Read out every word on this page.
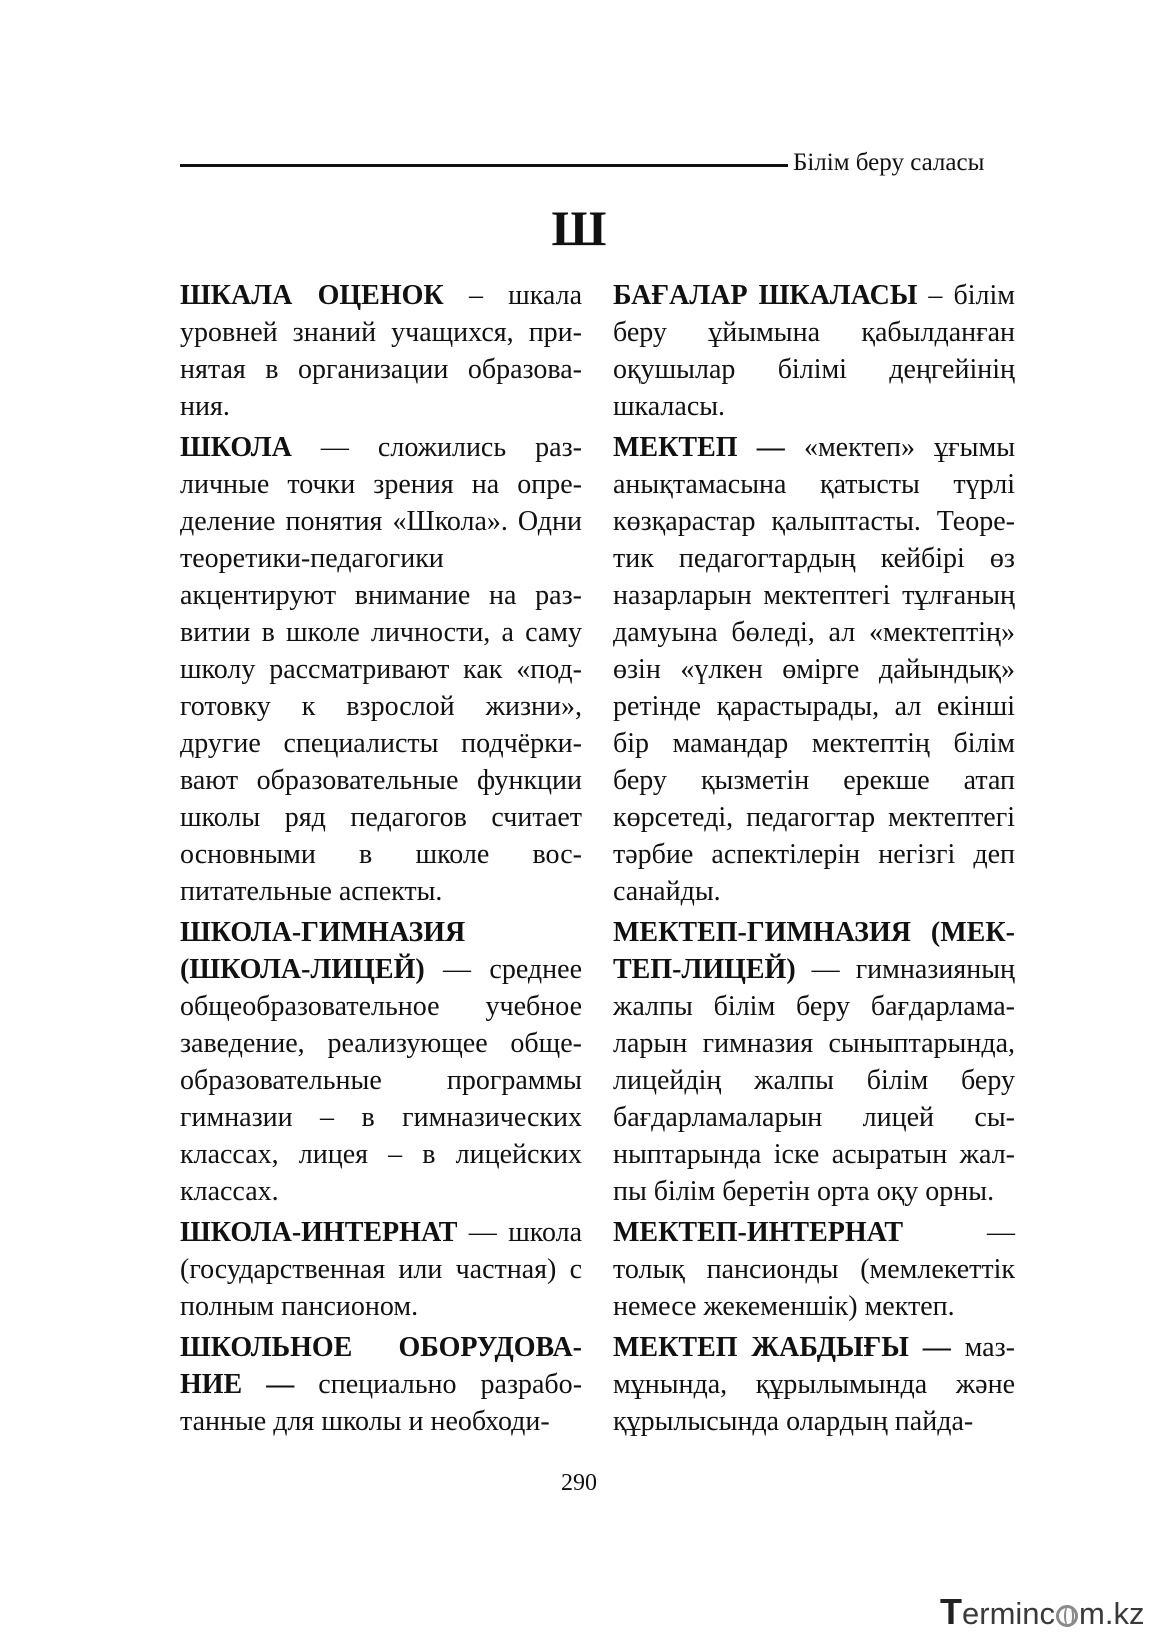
Білім беру саласы
Ш

ШКАЛА ОЦЕНОК – шкала уровней знаний учащихся, принятая в организации образования.

ШКОЛА — сложились различные точки зрения на определение понятия «Школа». Одни теоретики-педагогики акцентируют внимание на развитии в школе личности, а саму школу рассматривают как «подготовку к взрослой жизни», другие специалисты подчёркивают образовательные функции школы ряд педагогов считает основными в школе воспитательные аспекты.

ШКОЛА-ГИМНАЗИЯ (ШКОЛА-ЛИЦЕЙ) — среднее общеобразовательное учебное заведение, реализующее общеобразовательные программы гимназии – в гимназических классах, лицея – в лицейских классах.

ШКОЛА-ИНТЕРНАТ — школа (государственная или частная) с полным пансионом.

ШКОЛЬНОЕ ОБОРУДОВАНИЕ — специально разработанные для школы и необходи-

БАҒАЛАР ШКАЛАСЫ – білім беру ұйымына қабылданған оқушылар білімі деңгейінің шкаласы.

МЕКТЕП — «мектеп» ұғымы анықтамасына қатысты түрлі көзқарастар қалыптасты. Теоретик педагогтардың кейбірі өз назарларын мектептегі тұлғаның дамуына бөледі, ал «мектептің» өзін «үлкен өмірге дайындық» ретінде қарастырады, ал екінші бір мамандар мектептің білім беру қызметін ерекше атап көрсетеді, педагогтар мектептегі тәрбие аспектілерін негізгі деп санайды.

МЕКТЕП-ГИМНАЗИЯ (МЕКТЕП-ЛИЦЕЙ) — гимназияның жалпы білім беру бағдарламаларын гимназия сыныптарында, лицейдің жалпы білім беру бағдарламаларын лицей сыныптарында іске асыратын жалпы білім беретін орта оқу орны.

МЕКТЕП-ИНТЕРНАТ — толық пансионды (мемлекеттік немесе жекеменшік) мектеп.

МЕКТЕП ЖАБДЫҒЫ — мазмұнында, құрылымында және құрылысында олардың пайда-

290
Terminc m.kz
